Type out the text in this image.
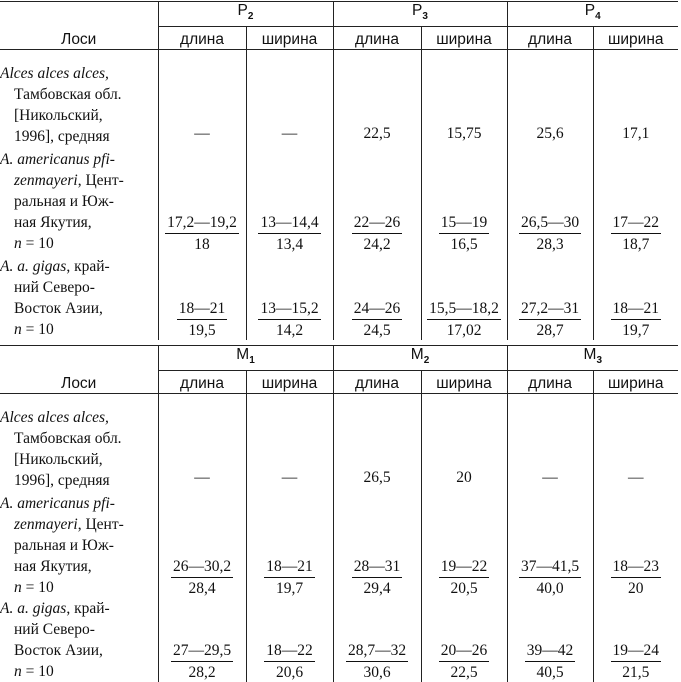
Лоси	$P_2$		$P_3$		$P_4$
	длина	ширина	длина	ширина	длина	ширина

Alces alces alces,
Тамбовская обл.
[Никольский,
1996], средняя	—	—	22,5	15,75	25,6	17,1

A. americanus pfi-
zenmayeri, Цент-
ральная и Юж-
ная Якутия,
n = 10	$\frac{17,2—19,2}{18}$	$\frac{13—14,4}{13,4}$	$\frac{22—26}{24,2}$	$\frac{15—19}{16,5}$	$\frac{26,5—30}{28,3}$	$\frac{17—22}{18,7}$

A. a. gigas, край-
ний Северо-
Восток Азии,
n = 10	$\frac{18—21}{19,5}$	$\frac{13—15,2}{14,2}$	$\frac{24—26}{24,5}$	$\frac{15,5—18,2}{17,02}$	$\frac{27,2—31}{28,7}$	$\frac{18—21}{19,7}$
Лоси	$M_1$		$M_2$		$M_3$
	длина	ширина	длина	ширина	длина	ширина

Alces alces alces,
Тамбовская обл.
[Никольский,
1996], средняя	—	—	26,5	20	—	—

A. americanus pfi-
zenmayeri, Цент-
ральная и Юж-
ная Якутия,
n = 10	$\frac{26—30,2}{28,4}$	$\frac{18—21}{19,7}$	$\frac{28—31}{29,4}$	$\frac{19—22}{20,5}$	$\frac{37—41,5}{40,0}$	$\frac{18—23}{20}$

A. a. gigas, край-
ний Северо-
Восток Азии,
n = 10	$\frac{27—29,5}{28,2}$	$\frac{18—22}{20,6}$	$\frac{28,7—32}{30,6}$	$\frac{20—26}{22,5}$	$\frac{39—42}{40,5}$	$\frac{19—24}{21,5}$
